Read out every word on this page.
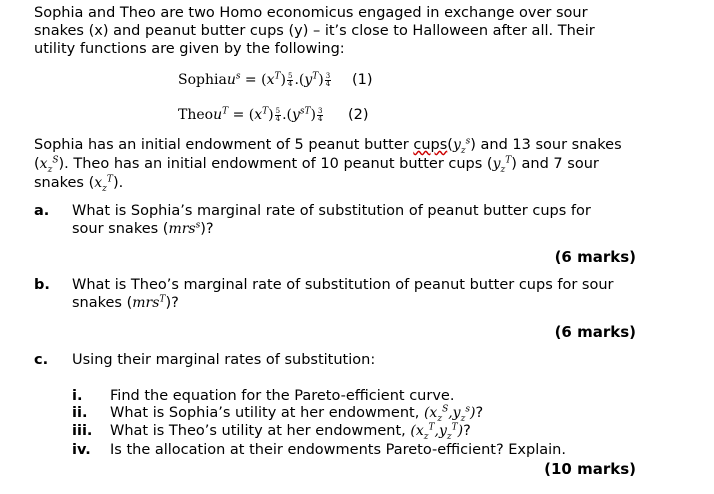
Sophia and Theo are two Homo economicus engaged in exchange over sour
snakes (x) and peanut butter cups (y) – it’s close to Halloween after all. Their
utility functions are given by the following:
Sophiau$^s$ = $(x^T) \frac{5}{4} .(y^T) \frac{3}{4} (1)$
Theou$^T$ = $(x^T) \frac{5}{4} .(y^{sT}) \frac{3}{4} (2)$
Sophia has an initial endowment of 5 peanut butter $cups(y_z^s)$ and 13 sour snakes
$(x_z^S)$. Theo has an initial endowment of 10 peanut butter cups $(y_z^T)$ and 7 sour
snakes $(x_z^T)$.
a. What is Sophia’s marginal rate of substitution of peanut butter cups for
sour snakes (mrs$^s$)?
(6 marks)
b. What is Theo’s marginal rate of substitution of peanut butter cups for sour
snakes (mrs$^T$)?
(6 marks)
c. Using their marginal rates of substitution:
i. Find the equation for the Pareto-efficient curve.
ii. What is Sophia’s utility at her endowment, $(x_z^S,y_z^s)$?
iii. What is Theo’s utility at her endowment, $(x_z^T,y_z^T)$?
iv. Is the allocation at their endowments Pareto-efficient? Explain.
(10 marks)
